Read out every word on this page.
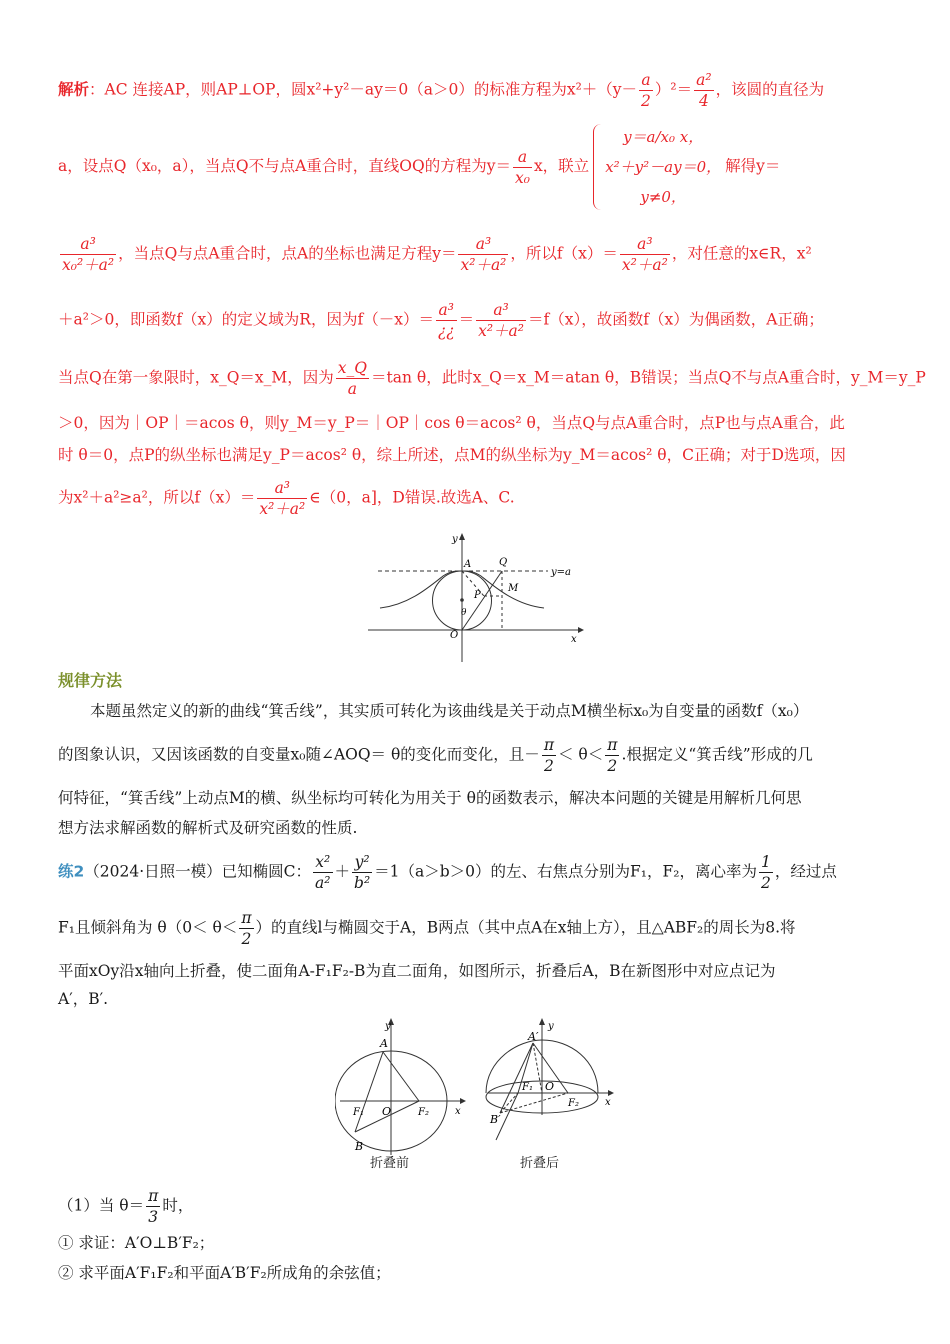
解析：AC 连接AP，则AP⊥OP，圆x²+y²－ay＝0（a＞0）的标准方程为$x^2+(y- \frac{a}{2} )^2= \frac{\text{a²}}{4}$ ，该圆的直径为
a，设点Q（x₀，a），当点Q不与点A重合时，直线OQ的方程为$y= \frac{a}{\text{x₀}}$ x，联立
y＝a/x₀ x，
x²＋y²－ay＝0，
y≠0，
解得y＝
$\frac{\text{a³}}{\text{x₀²＋a²}}$ ，当点Q与点A重合时，点A的坐标也满足方程$y= \frac{\text{a³}}{\text{x²＋a²}}$ ，所以$f(x)= \frac{\text{a³}}{\text{x²＋a²}}$ ，对任意的x∈R，x²
＋a²＞0，即函数f（x）的定义域为R，因为$f(-x)= \frac{\text{a³}}{¿¿} = \frac{\text{a³}}{\text{x²＋a²}} =f(x)$，故函数f（x）为偶函数，A正确；
当点Q在第一象限时，x_Q＝x_M，因为 $\frac{x\_Q}{a} =\tan$ θ，此时x_Q＝x_M＝atan θ，B错误；当点Q不与点A重合时，y_M＝y_P
＞0，因为｜OP｜＝acos θ，则y_M＝y_P＝｜OP｜cos θ＝acos² θ，当点Q与点A重合时，点P也与点A重合，此
时 θ＝0，点P的纵坐标也满足y_P＝acos² θ，综上所述，点M的纵坐标为y_M＝acos² θ，C正确；对于D选项，因
为x²＋a²≥a²，所以$f(x)= \frac{\text{a³}}{\text{x²＋a²}}$ ∈（0，a]，D错误.故选A、C.
y
x
A	Q
M
P
O
θ
y=a
规律方法
本题虽然定义的新的曲线“箕舌线”，其实质可转化为该曲线是关于动点M横坐标x₀为自变量的函数f（x₀）
的图象认识，又因该函数的自变量x₀随∠AOQ＝ θ的变化而变化，且－ $\frac{\pi}{2} < \theta< \frac{\pi}{2}$ .根据定义“箕舌线”形成的几
何特征，“箕舌线”上动点M的横、纵坐标均可转化为用关于 θ的函数表示，解决本问题的关键是用解析几何思
想方法求解函数的解析式及研究函数的性质.
练2（2024·日照一模）已知椭圆C： $\frac{\text{x²}}{\text{a²}} + \frac{\text{y²}}{\text{b²}} =1(a>b>0)$的左、右焦点分别为F₁，F₂，离心率为 $\frac{1}{2}$ ，经过点
F₁且倾斜角为 $\theta(0< \theta< \frac{\pi}{2}$ ）的直线l与椭圆交于A，B两点（其中点A在x轴上方），且△ABF₂的周长为8.将
平面xOy沿x轴向上折叠，使二面角A-F₁F₂-B为直二面角，如图所示，折叠后A，B在新图形中对应点记为
A′，B′.
A
B
O
F₁	F₂
y
x
折叠前
A′
B′
O
F₁
F₂
y
x
折叠后
（1）当 $\theta= \frac{\pi}{3}$ 时，
① 求证：A′O⊥B′F₂；
② 求平面A′F₁F₂和平面A′B′F₂所成角的余弦值；
